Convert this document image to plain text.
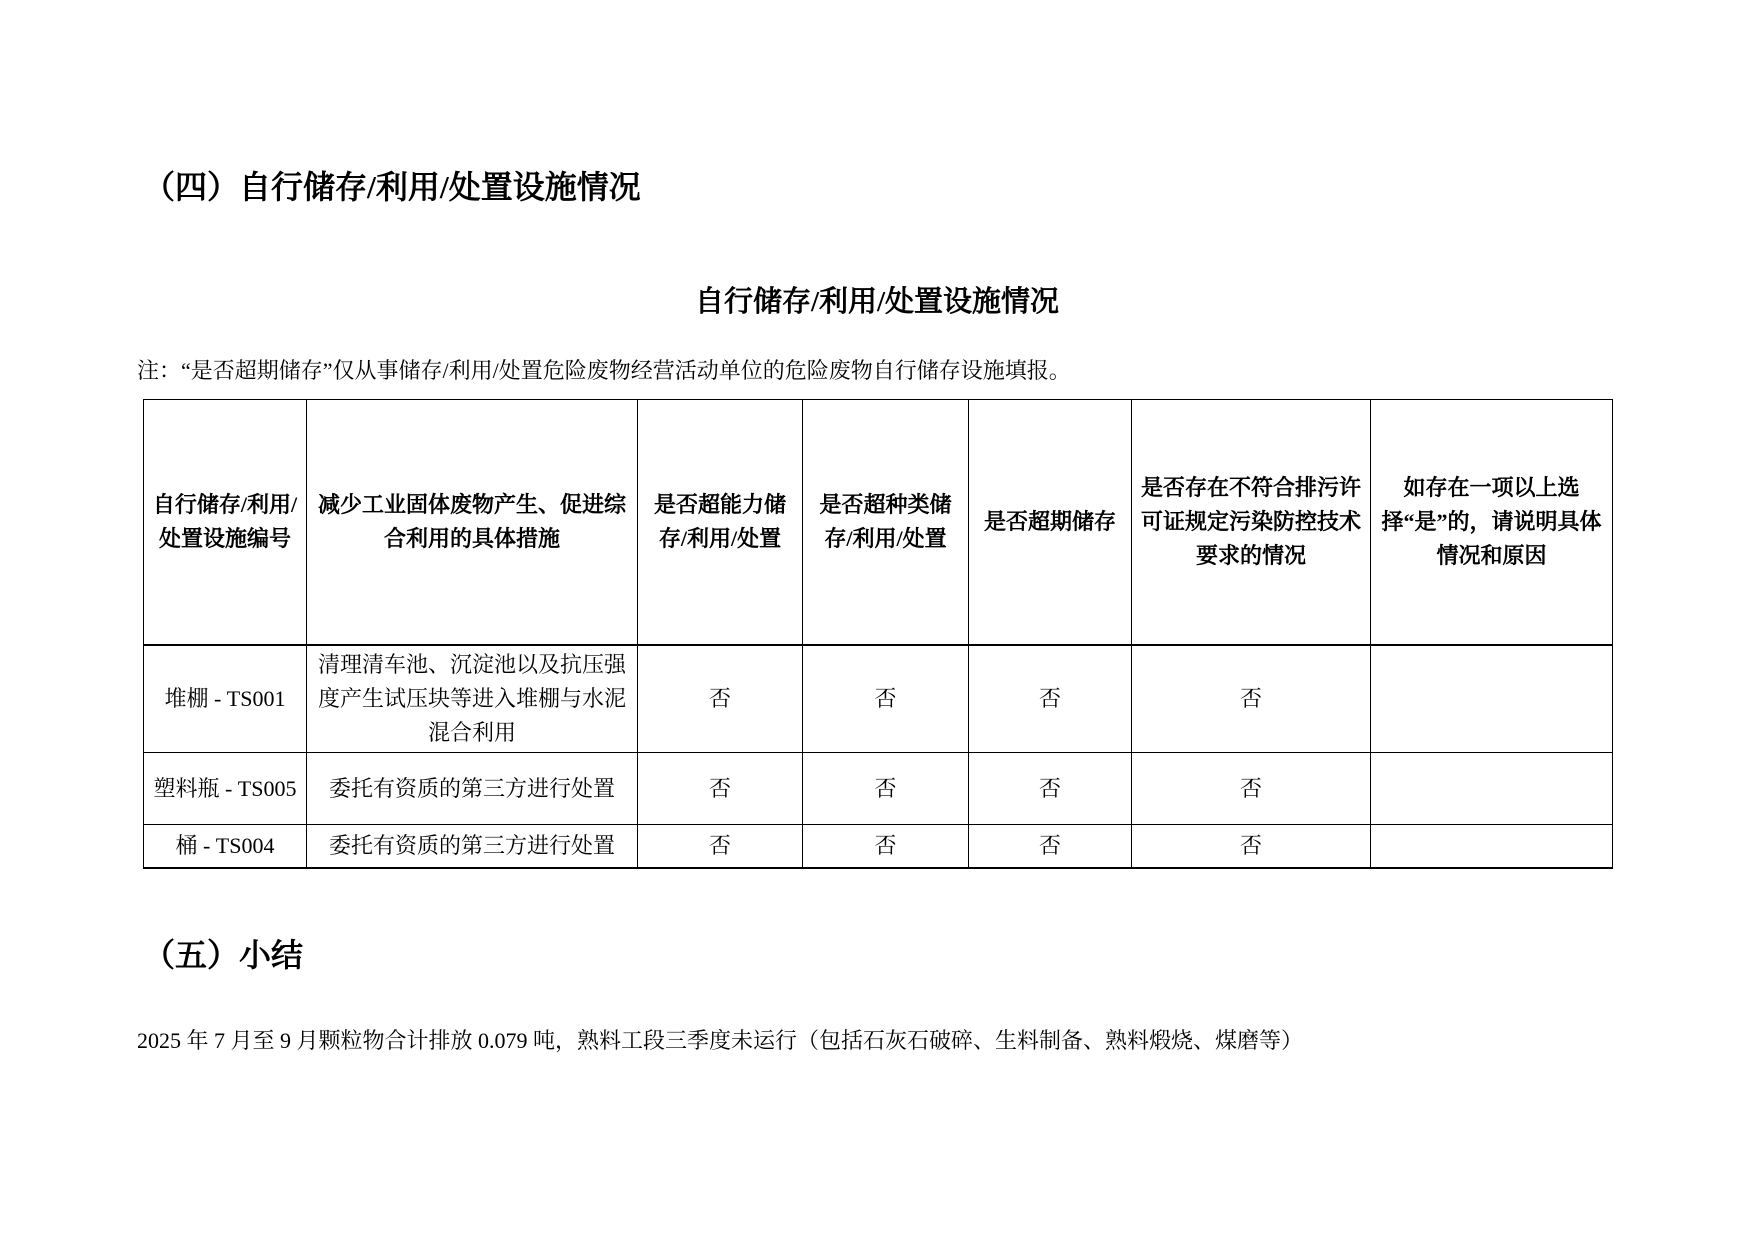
（四）自行储存/利用/处置设施情况
自行储存/利用/处置设施情况
注：“是否超期储存”仅从事储存/利用/处置危险废物经营活动单位的危险废物自行储存设施填报。
自行储存/利用/处置设施编号	减少工业固体废物产生、促进综合利用的具体措施	是否超能力储存/利用/处置	是否超种类储存/利用/处置	是否超期储存	是否存在不符合排污许可证规定污染防控技术要求的情况	如存在一项以上选择“是”的，请说明具体情况和原因
堆棚 - TS001	清理清车池、沉淀池以及抗压强度产生试压块等进入堆棚与水泥混合利用	否	否	否	否	
塑料瓶 - TS005	委托有资质的第三方进行处置	否	否	否	否	
桶 - TS004	委托有资质的第三方进行处置	否	否	否	否	
（五）小结
2025 年 7 月至 9 月颗粒物合计排放 0.079 吨，熟料工段三季度未运行（包括石灰石破碎、生料制备、熟料煅烧、煤磨等）
